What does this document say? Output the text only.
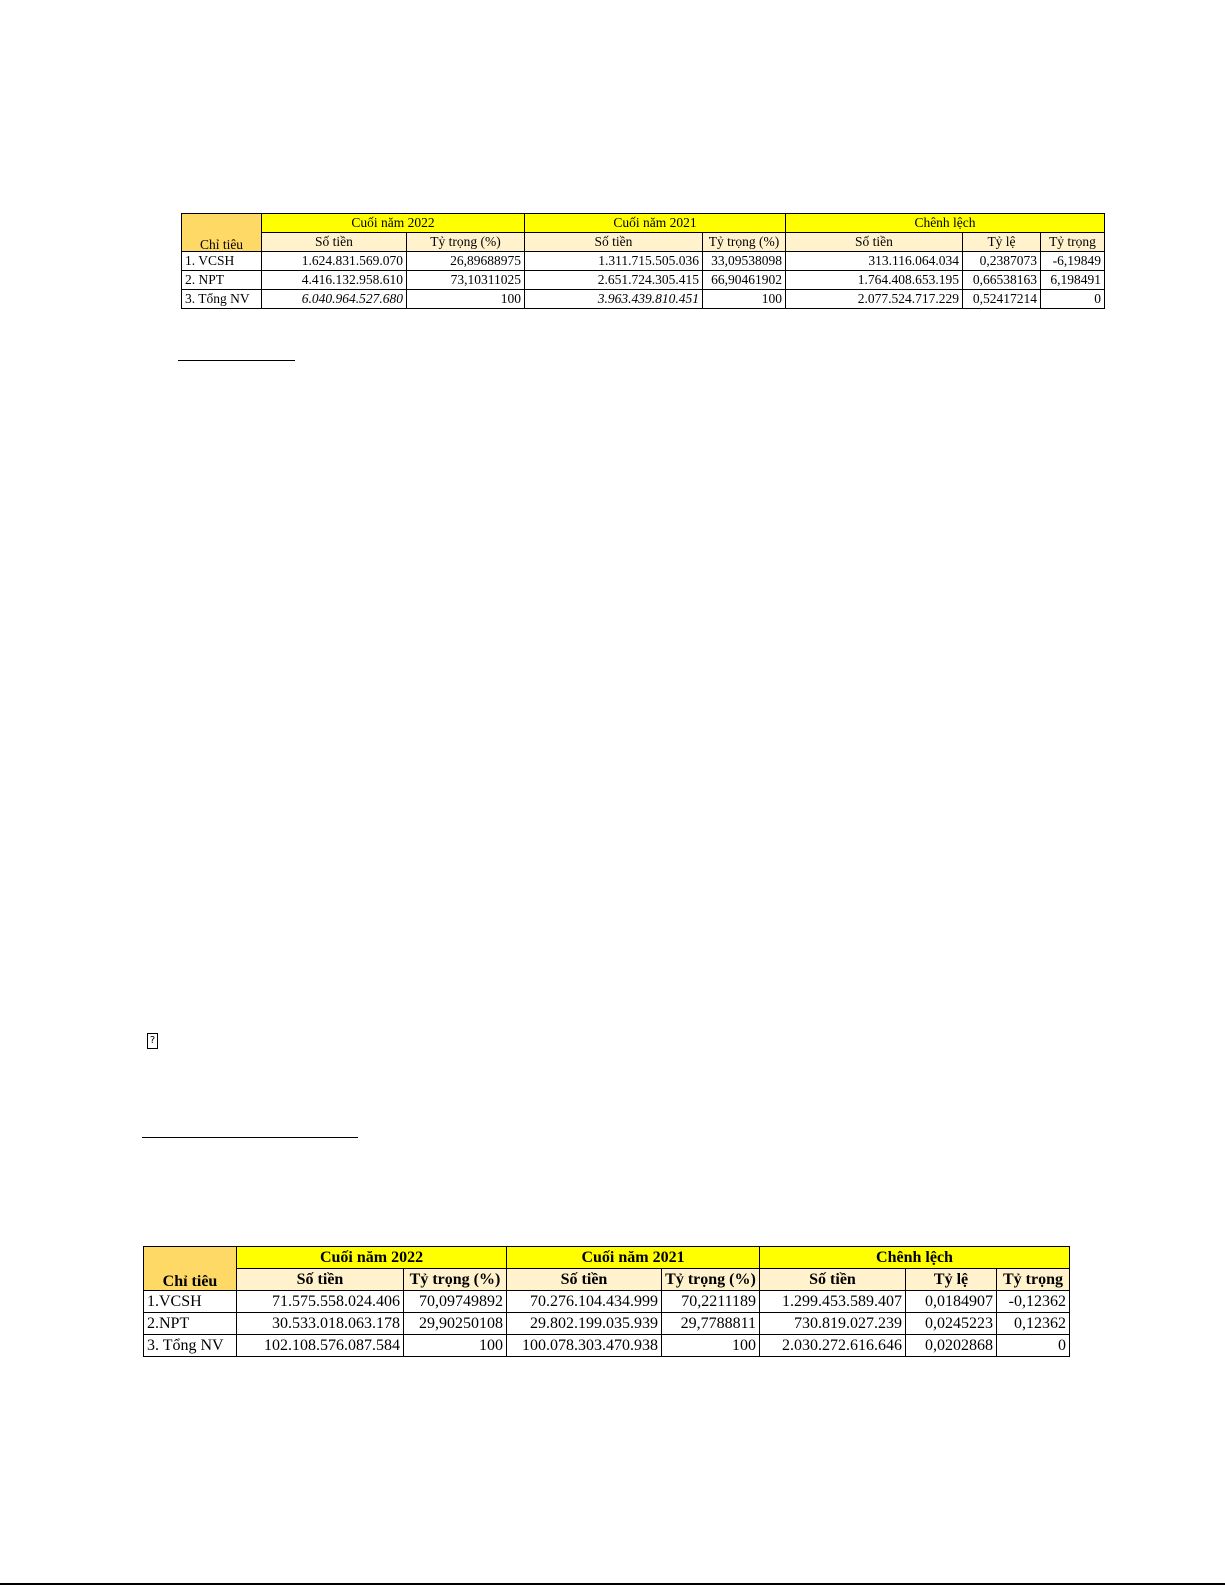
Chỉ tiêu	Cuối năm 2022		Cuối năm 2021		Chênh lệch		
	Số tiền	Tỷ trọng (%)	Số tiền	Tỷ trọng (%)	Số tiền	Tỷ lệ	Tỷ trọng
1. VCSH	1.624.831.569.070	26,89688975	1.311.715.505.036	33,09538098	313.116.064.034	0,2387073	-6,19849
2. NPT	4.416.132.958.610	73,10311025	2.651.724.305.415	66,90461902	1.764.408.653.195	0,66538163	6,198491
3. Tổng NV	6.040.964.527.680	100	3.963.439.810.451	100	2.077.524.717.229	0,52417214	0
?
Chỉ tiêu	Cuối năm 2022		Cuối năm 2021		Chênh lệch		
	Số tiền	Tỷ trọng (%)	Số tiền	Tỷ trọng (%)	Số tiền	Tỷ lệ	Tỷ trọng
1.VCSH	71.575.558.024.406	70,09749892	70.276.104.434.999	70,2211189	1.299.453.589.407	0,0184907	-0,12362
2.NPT	30.533.018.063.178	29,90250108	29.802.199.035.939	29,7788811	730.819.027.239	0,0245223	0,12362
3. Tổng NV	102.108.576.087.584	100	100.078.303.470.938	100	2.030.272.616.646	0,0202868	0
